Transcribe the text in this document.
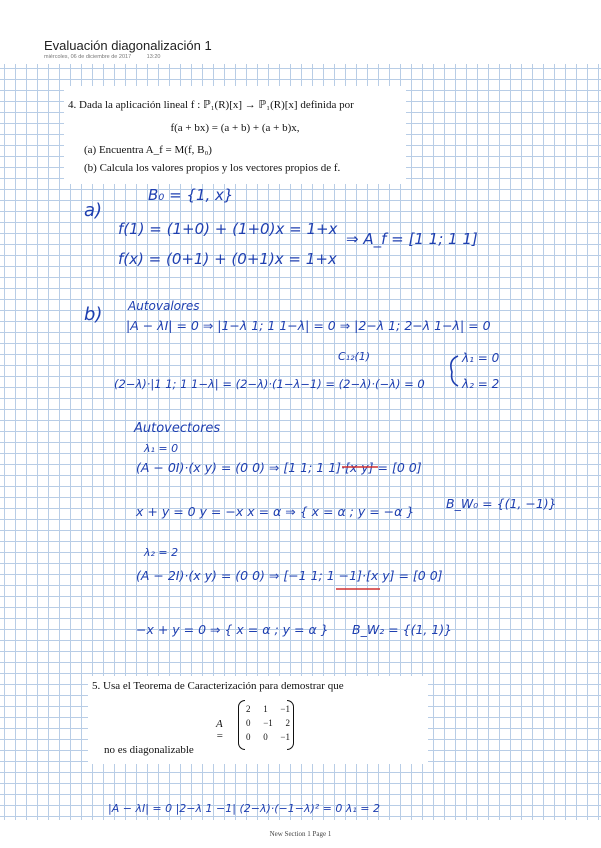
Evaluación diagonalización 1
miércoles, 06 de diciembre de 2017	13:20
4. Dada la aplicación lineal f : ℙ₁(R)[x] → ℙ₁(R)[x] definida por
f(a + bx) = (a + b) + (a + b)x,
(a) Encuentra A_f = M(f, B₀)
(b) Calcula los valores propios y los vectores propios de f.
B₀ = {1, x}
a)
f(1) = (1+0) + (1+0)x = 1+x
f(x) = (0+1) + (0+1)x = 1+x
⇒ A_f = [1 1; 1 1]
b) Autovalores
|A − λI| = 0 ⇒ |1−λ 1; 1 1−λ| = 0 ⇒ |2−λ 1; 2−λ 1−λ| = 0
C₁₂(1)
(2−λ)·|1 1; 1 1−λ| = (2−λ)·(1−λ−1) = (2−λ)·(−λ) = 0
λ₁ = 0
λ₂ = 2
Autovectores
λ₁ = 0
(A − 0I)·(x y) = (0 0) ⇒ [1 1; 1 1]·[x y] = [0 0]
x + y = 0 y = −x x = α ⇒ { x = α ; y = −α }
B_W₀ = {(1, −1)}
λ₂ = 2
(A − 2I)·(x y) = (0 0) ⇒ [−1 1; 1 −1]·[x y] = [0 0]
−x + y = 0 ⇒ { x = α ; y = α } B_W₂ = {(1, 1)}
|A − λI| = 0 |2−λ 1 −1| (2−λ)·(−1−λ)² = 0 λ₁ = 2
5. Usa el Teorema de Caracterización para demostrar que
A =
2 1 −1
0 −1 2
0 0 −1
no es diagonalizable
New Section 1 Page 1
